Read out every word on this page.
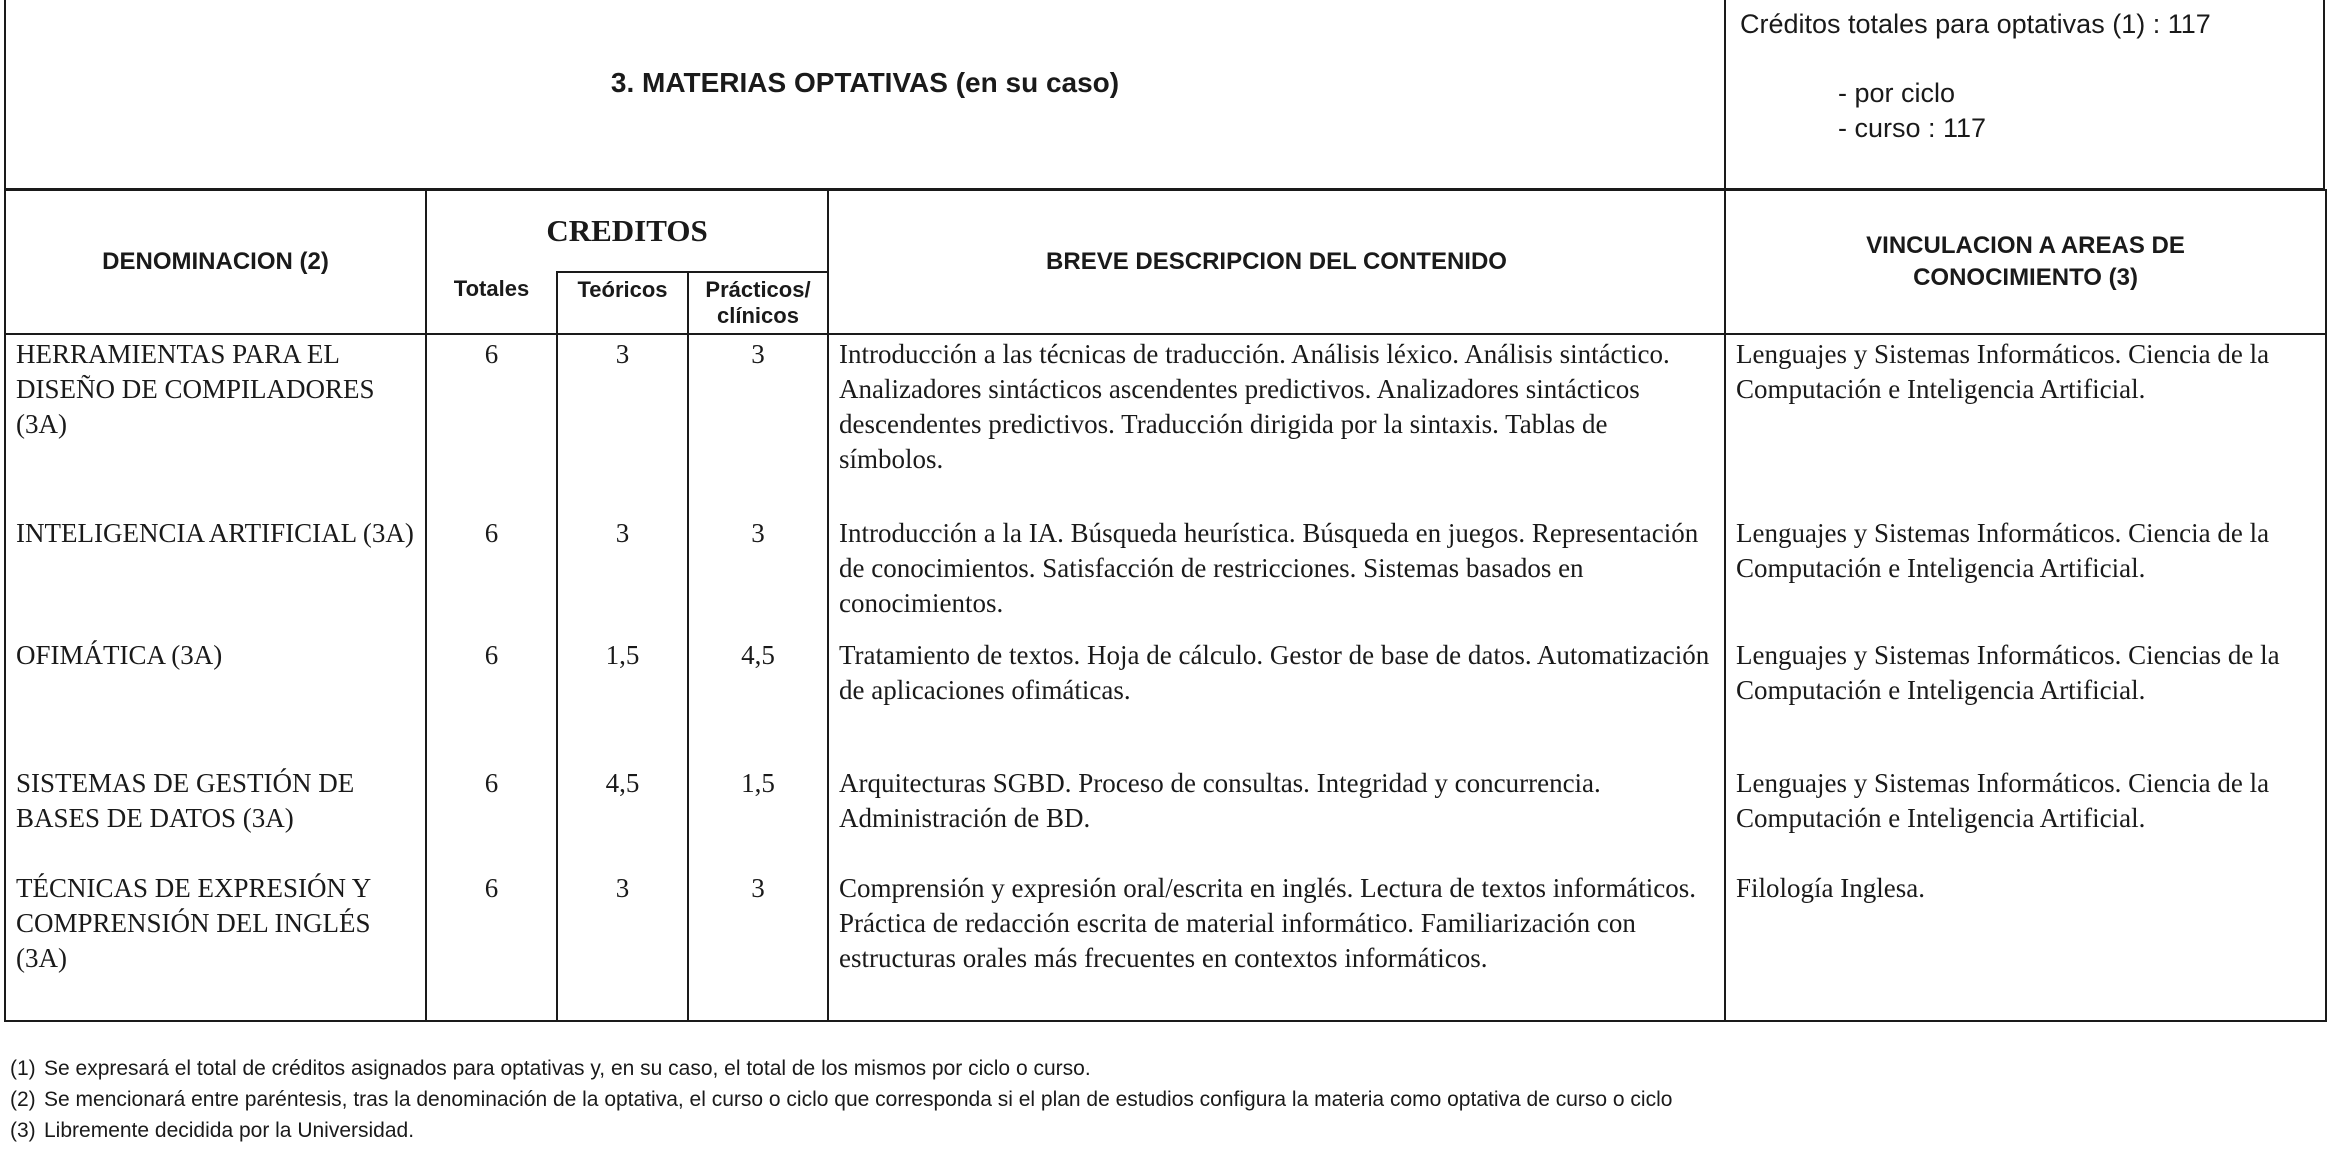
3. MATERIAS OPTATIVAS (en su caso)
Créditos totales para optativas (1) : 117
- por ciclo
- curso : 117
DENOMINACION (2)	CREDITOS			BREVE DESCRIPCION DEL CONTENIDO	VINCULACION A AREAS DE CONOCIMIENTO (3)

	Totales	Teóricos	Prácticos/ clínicos		

HERRAMIENTAS PARA EL DISEÑO DE COMPILADORES (3A)	6	3	3	Introducción a las técnicas de traducción. Análisis léxico. Análisis sintáctico. Analizadores sintácticos ascendentes predictivos. Analizadores sintácticos descendentes predictivos. Traducción dirigida por la sintaxis. Tablas de símbolos.	Lenguajes y Sistemas Informáticos. Ciencia de la Computación e Inteligencia Artificial.
INTELIGENCIA ARTIFICIAL (3A)	6	3	3	Introducción a la IA. Búsqueda heurística. Búsqueda en juegos. Representación de conocimientos. Satisfacción de restricciones. Sistemas basados en conocimientos.	Lenguajes y Sistemas Informáticos. Ciencia de la Computación e Inteligencia Artificial.
OFIMÁTICA (3A)	6	1,5	4,5	Tratamiento de textos. Hoja de cálculo. Gestor de base de datos. Automatización de aplicaciones ofimáticas.	Lenguajes y Sistemas Informáticos. Ciencias de la Computación e Inteligencia Artificial.
SISTEMAS DE GESTIÓN DE BASES DE DATOS (3A)	6	4,5	1,5	Arquitecturas SGBD. Proceso de consultas. Integridad y concurrencia. Administración de BD.	Lenguajes y Sistemas Informáticos. Ciencia de la Computación e Inteligencia Artificial.
TÉCNICAS DE EXPRESIÓN Y COMPRENSIÓN DEL INGLÉS (3A)	6	3	3	Comprensión y expresión oral/escrita en inglés. Lectura de textos informáticos. Práctica de redacción escrita de material informático. Familiarización con estructuras orales más frecuentes en contextos informáticos.	Filología Inglesa.
(1) Se expresará el total de créditos asignados para optativas y, en su caso, el total de los mismos por ciclo o curso.
(2) Se mencionará entre paréntesis, tras la denominación de la optativa, el curso o ciclo que corresponda si el plan de estudios configura la materia como optativa de curso o ciclo
(3) Libremente decidida por la Universidad.
